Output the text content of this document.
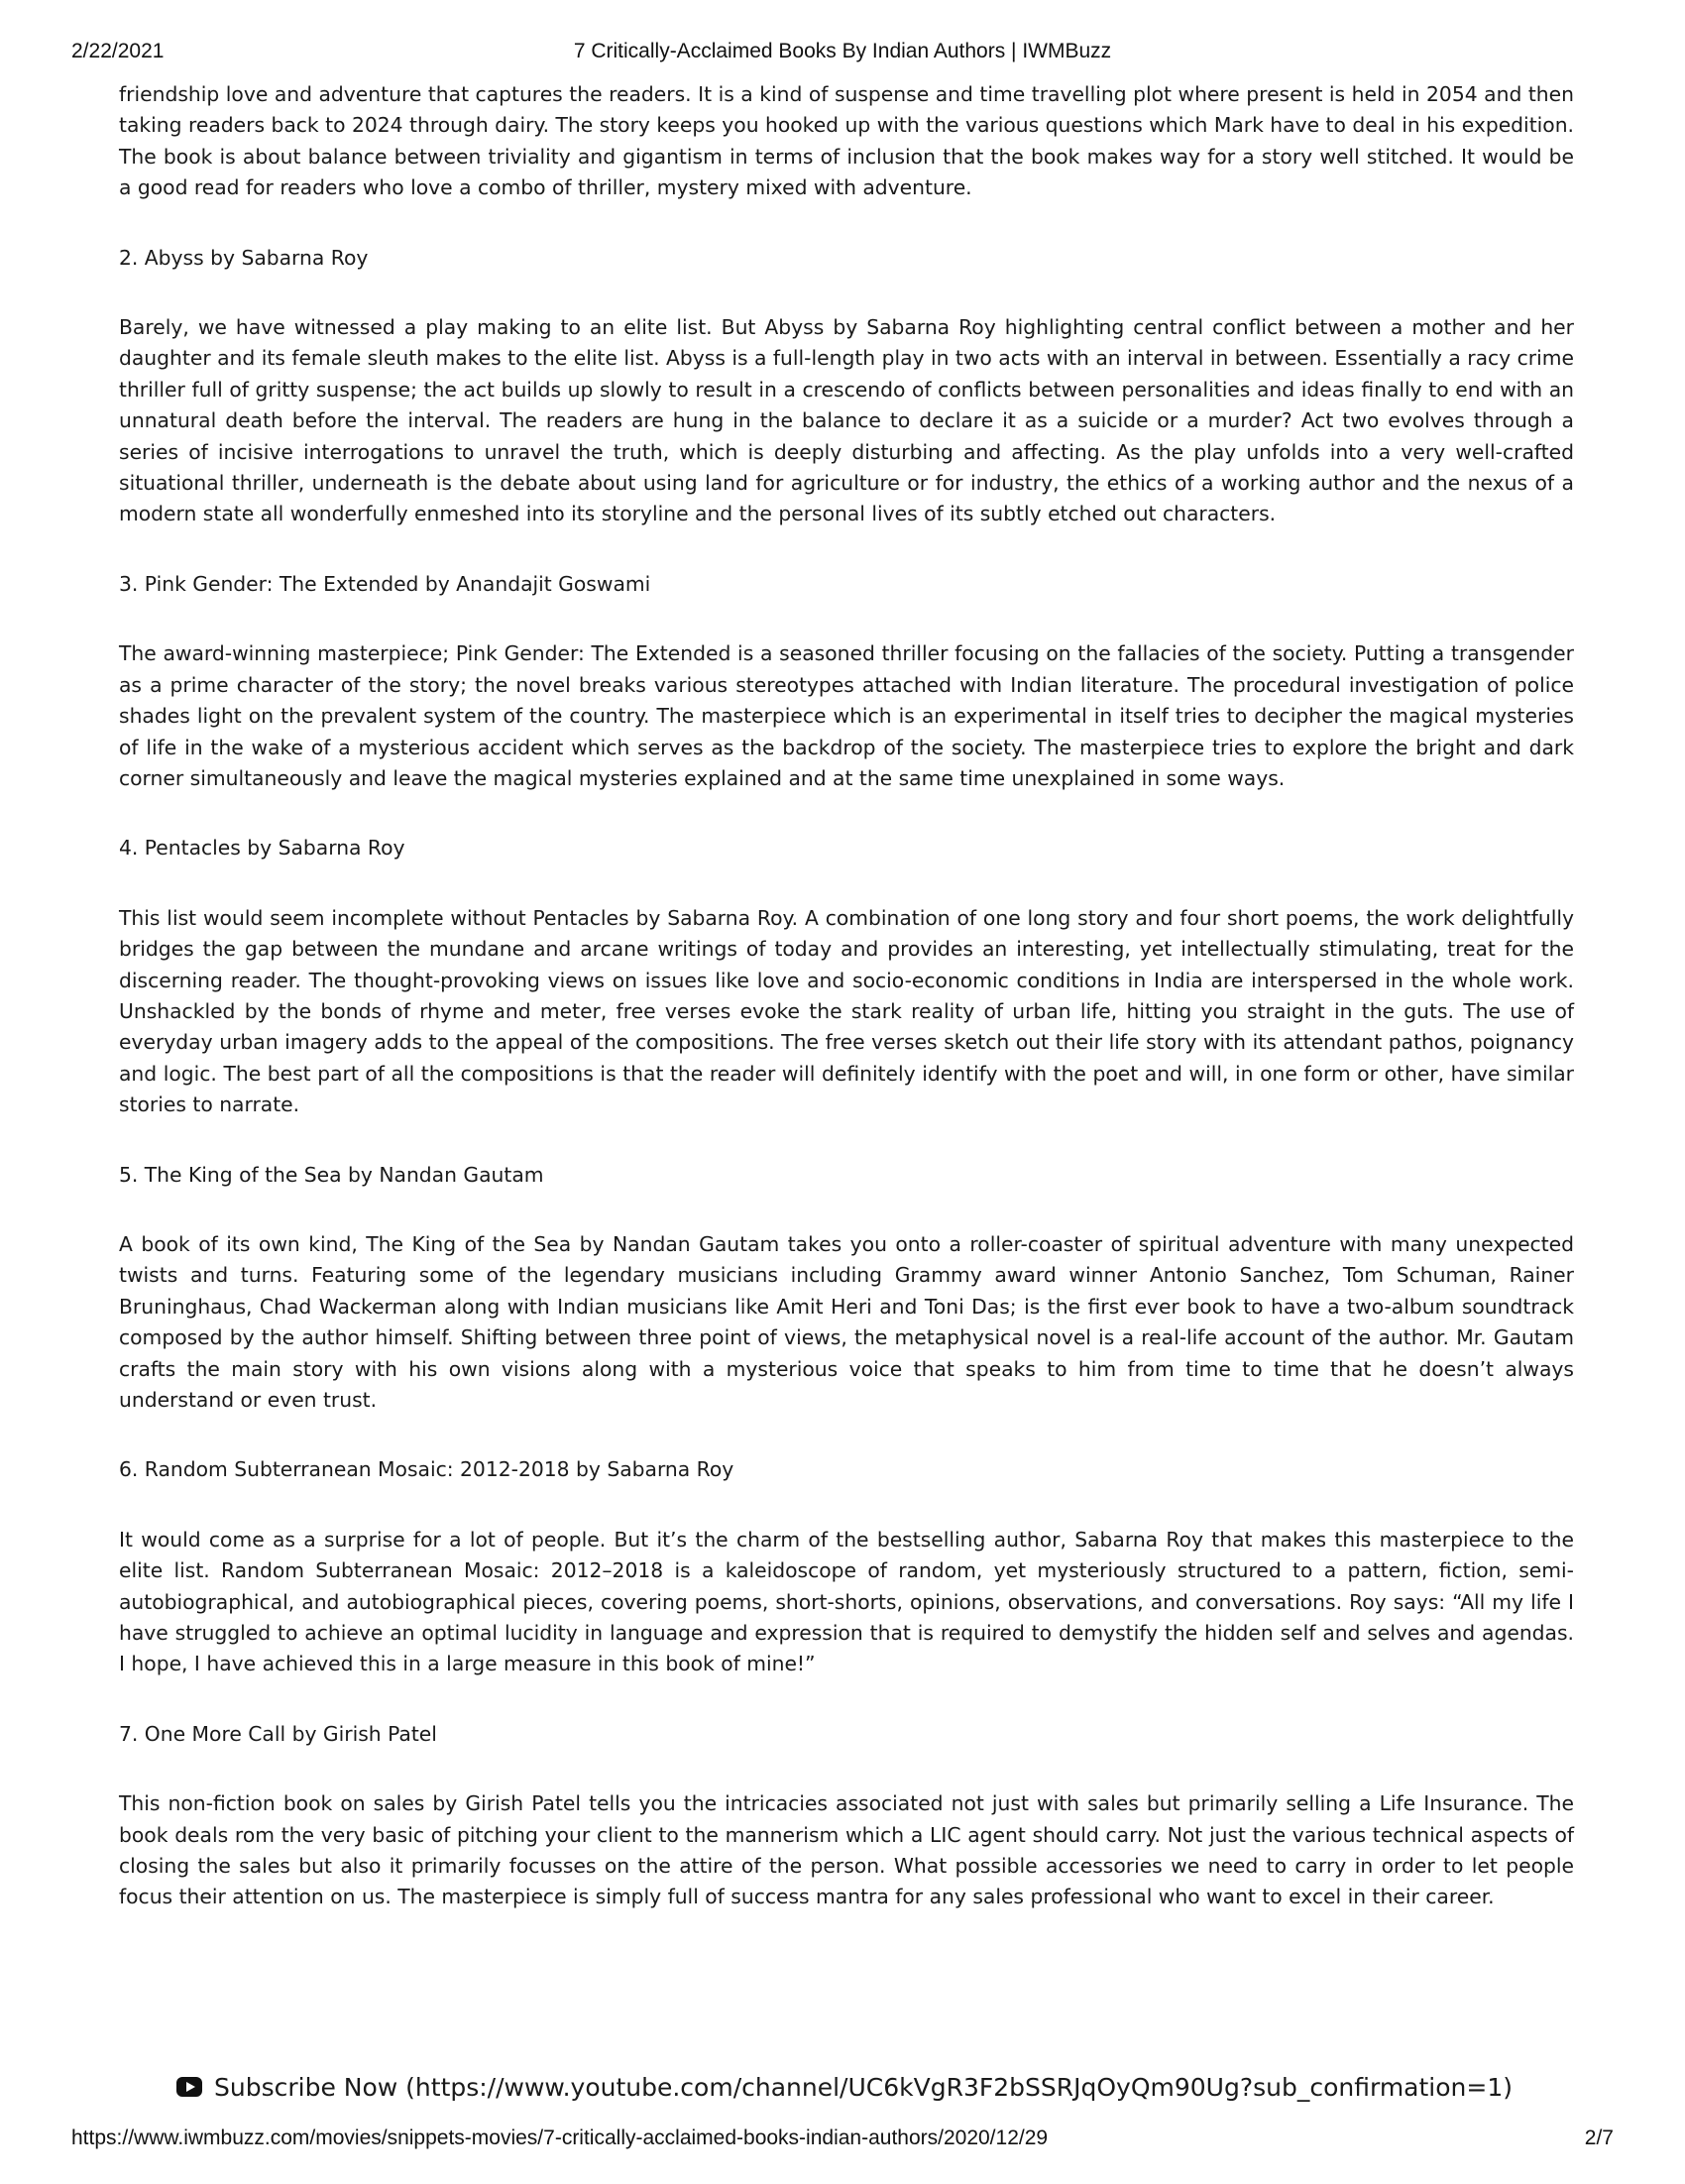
2/22/2021	7 Critically-Acclaimed Books By Indian Authors | IWMBuzz

friendship love and adventure that captures the readers. It is a kind of suspense and time travelling plot where present is held in 2054 and then taking readers back to 2024 through dairy. The story keeps you hooked up with the various questions which Mark have to deal in his expedition. The book is about balance between triviality and gigantism in terms of inclusion that the book makes way for a story well stitched. It would be a good read for readers who love a combo of thriller, mystery mixed with adventure.

2. Abyss by Sabarna Roy

Barely, we have witnessed a play making to an elite list. But Abyss by Sabarna Roy highlighting central conflict between a mother and her daughter and its female sleuth makes to the elite list. Abyss is a full-length play in two acts with an interval in between. Essentially a racy crime thriller full of gritty suspense; the act builds up slowly to result in a crescendo of conflicts between personalities and ideas finally to end with an unnatural death before the interval. The readers are hung in the balance to declare it as a suicide or a murder? Act two evolves through a series of incisive interrogations to unravel the truth, which is deeply disturbing and affecting. As the play unfolds into a very well-crafted situational thriller, underneath is the debate about using land for agriculture or for industry, the ethics of a working author and the nexus of a modern state all wonderfully enmeshed into its storyline and the personal lives of its subtly etched out characters.

3. Pink Gender: The Extended by Anandajit Goswami

The award-winning masterpiece; Pink Gender: The Extended is a seasoned thriller focusing on the fallacies of the society. Putting a transgender as a prime character of the story; the novel breaks various stereotypes attached with Indian literature. The procedural investigation of police shades light on the prevalent system of the country. The masterpiece which is an experimental in itself tries to decipher the magical mysteries of life in the wake of a mysterious accident which serves as the backdrop of the society. The masterpiece tries to explore the bright and dark corner simultaneously and leave the magical mysteries explained and at the same time unexplained in some ways.

4. Pentacles by Sabarna Roy

This list would seem incomplete without Pentacles by Sabarna Roy. A combination of one long story and four short poems, the work delightfully bridges the gap between the mundane and arcane writings of today and provides an interesting, yet intellectually stimulating, treat for the discerning reader. The thought-provoking views on issues like love and socio-economic conditions in India are interspersed in the whole work. Unshackled by the bonds of rhyme and meter, free verses evoke the stark reality of urban life, hitting you straight in the guts. The use of everyday urban imagery adds to the appeal of the compositions. The free verses sketch out their life story with its attendant pathos, poignancy and logic. The best part of all the compositions is that the reader will definitely identify with the poet and will, in one form or other, have similar stories to narrate.

5. The King of the Sea by Nandan Gautam

A book of its own kind, The King of the Sea by Nandan Gautam takes you onto a roller-coaster of spiritual adventure with many unexpected twists and turns. Featuring some of the legendary musicians including Grammy award winner Antonio Sanchez, Tom Schuman, Rainer Bruninghaus, Chad Wackerman along with Indian musicians like Amit Heri and Toni Das; is the first ever book to have a two-album soundtrack composed by the author himself. Shifting between three point of views, the metaphysical novel is a real-life account of the author. Mr. Gautam crafts the main story with his own visions along with a mysterious voice that speaks to him from time to time that he doesn’t always understand or even trust.

6. Random Subterranean Mosaic: 2012-2018 by Sabarna Roy

It would come as a surprise for a lot of people. But it’s the charm of the bestselling author, Sabarna Roy that makes this masterpiece to the elite list. Random Subterranean Mosaic: 2012–2018 is a kaleidoscope of random, yet mysteriously structured to a pattern, fiction, semi-autobiographical, and autobiographical pieces, covering poems, short-shorts, opinions, observations, and conversations. Roy says: “All my life I have struggled to achieve an optimal lucidity in language and expression that is required to demystify the hidden self and selves and agendas. I hope, I have achieved this in a large measure in this book of mine!”

7. One More Call by Girish Patel

This non-fiction book on sales by Girish Patel tells you the intricacies associated not just with sales but primarily selling a Life Insurance. The book deals rom the very basic of pitching your client to the mannerism which a LIC agent should carry. Not just the various technical aspects of closing the sales but also it primarily focusses on the attire of the person. What possible accessories we need to carry in order to let people focus their attention on us. The masterpiece is simply full of success mantra for any sales professional who want to excel in their career.

Subscribe Now (https://www.youtube.com/channel/UC6kVgR3F2bSSRJqOyQm90Ug?sub_confirmation=1)
https://www.iwmbuzz.com/movies/snippets-movies/7-critically-acclaimed-books-indian-authors/2020/12/29	2/7
